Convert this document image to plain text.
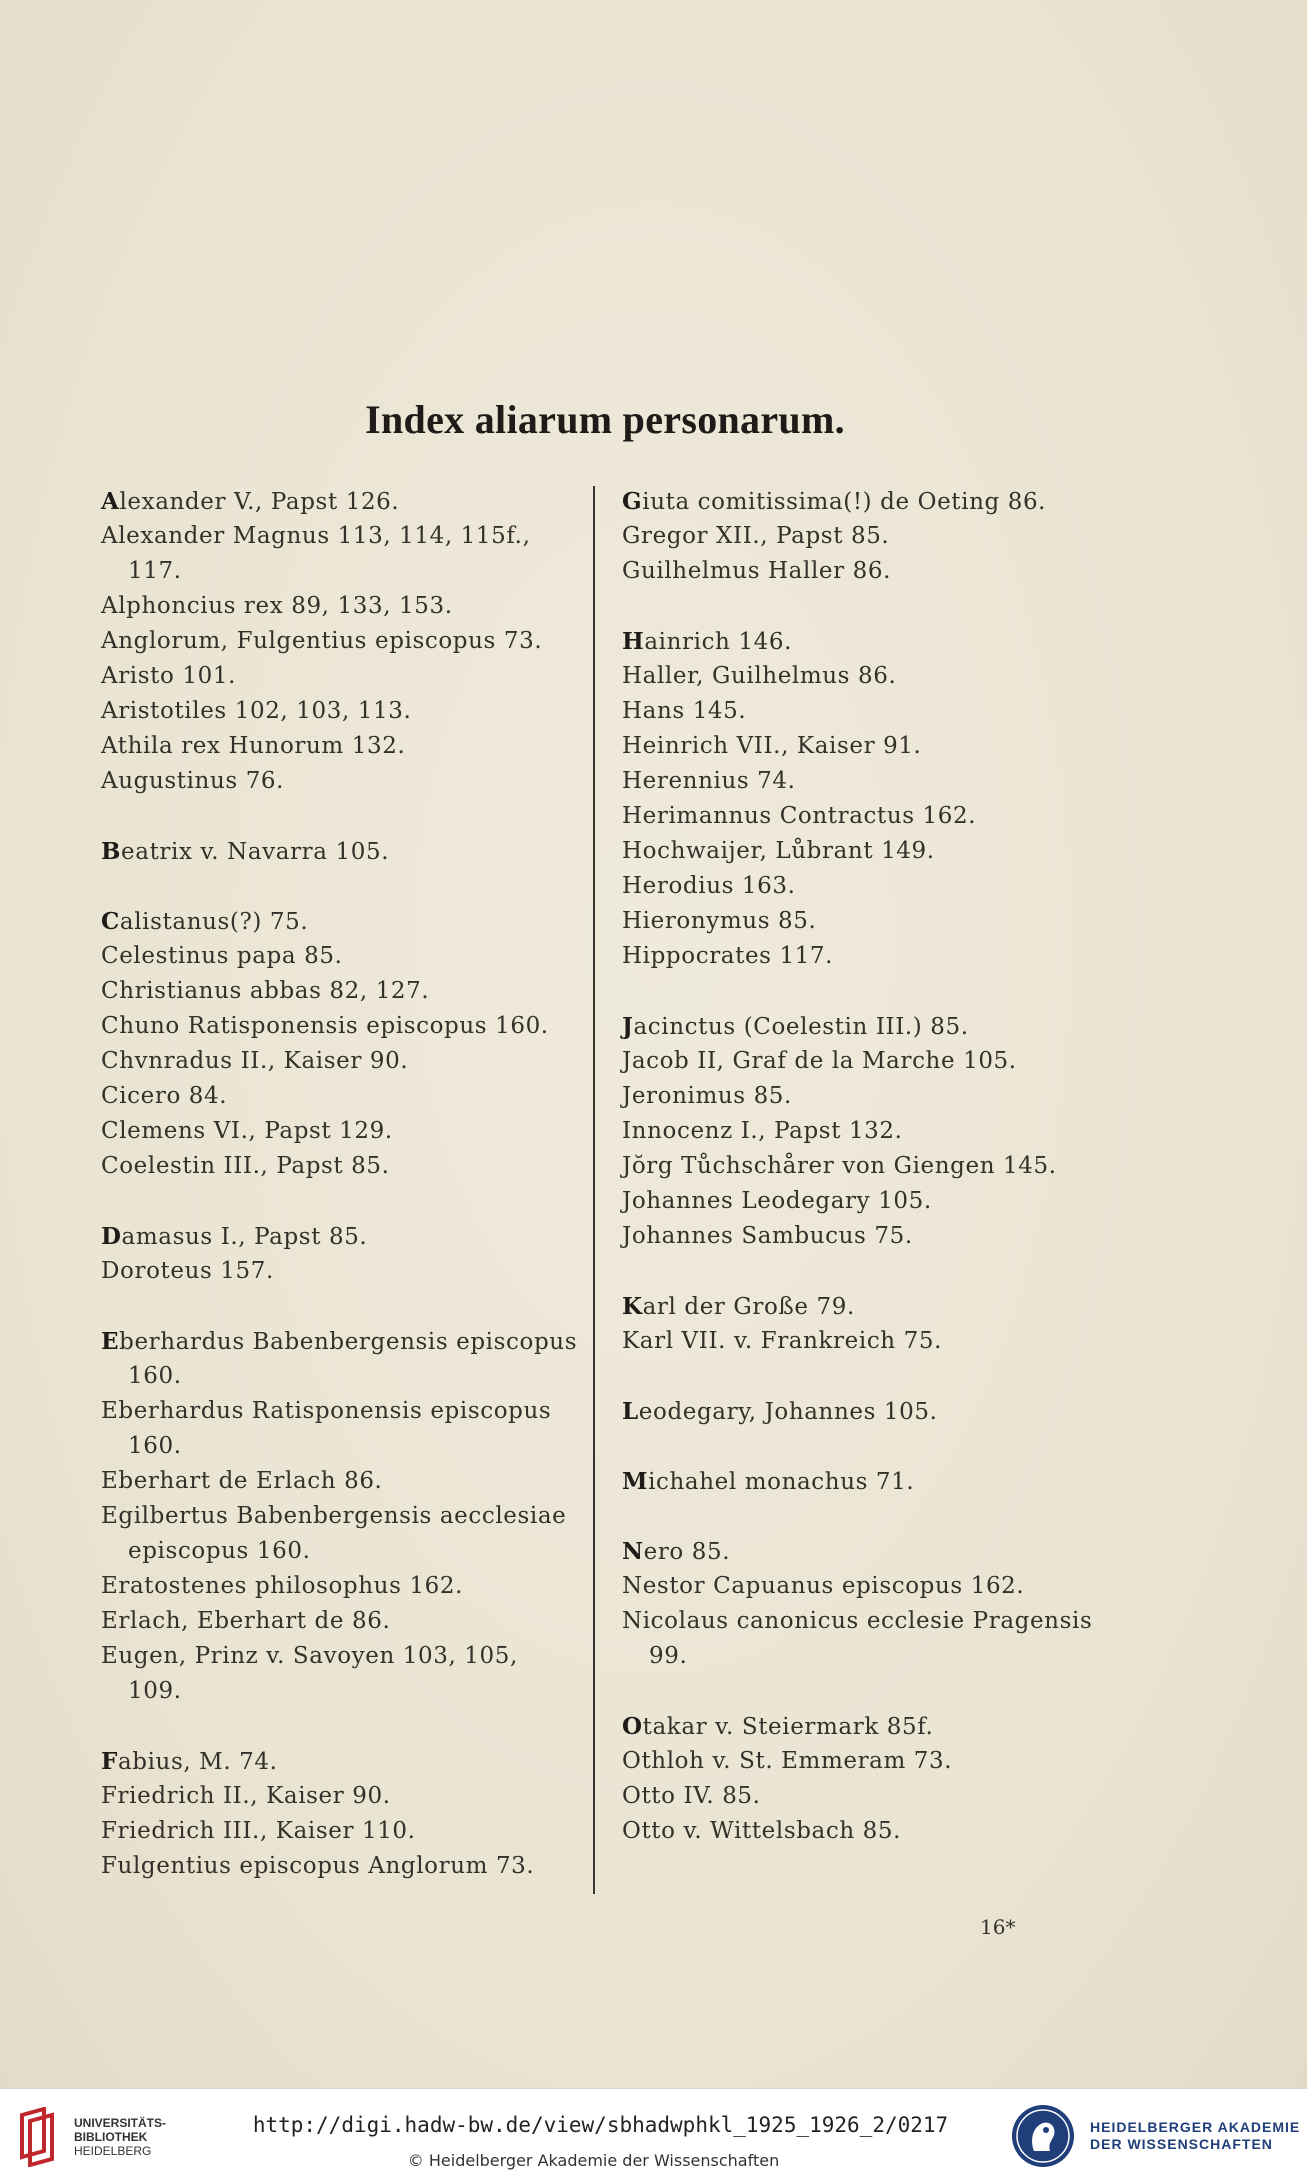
Index aliarum personarum.
Alexander V., Papst 126.
Alexander Magnus 113, 114, 115f.,
117.
Alphoncius rex 89, 133, 153.
Anglorum, Fulgentius episcopus 73.
Aristo 101.
Aristotiles 102, 103, 113.
Athila rex Hunorum 132.
Augustinus 76.
Beatrix v. Navarra 105.
Calistanus(?) 75.
Celestinus papa 85.
Christianus abbas 82, 127.
Chuno Ratisponensis episcopus 160.
Chvnradus II., Kaiser 90.
Cicero 84.
Clemens VI., Papst 129.
Coelestin III., Papst 85.
Damasus I., Papst 85.
Doroteus 157.
Eberhardus Babenbergensis episcopus
160.
Eberhardus Ratisponensis episcopus
160.
Eberhart de Erlach 86.
Egilbertus Babenbergensis aecclesiae
episcopus 160.
Eratostenes philosophus 162.
Erlach, Eberhart de 86.
Eugen, Prinz v. Savoyen 103, 105,
109.
Fabius, M. 74.
Friedrich II., Kaiser 90.
Friedrich III., Kaiser 110.
Fulgentius episcopus Anglorum 73.
Giuta comitissima(!) de Oeting 86.
Gregor XII., Papst 85.
Guilhelmus Haller 86.
Hainrich 146.
Haller, Guilhelmus 86.
Hans 145.
Heinrich VII., Kaiser 91.
Herennius 74.
Herimannus Contractus 162.
Hochwaijer, Lůbrant 149.
Herodius 163.
Hieronymus 85.
Hippocrates 117.
Jacinctus (Coelestin III.) 85.
Jacob II, Graf de la Marche 105.
Jeronimus 85.
Innocenz I., Papst 132.
Jŏrg Tůchschårer von Giengen 145.
Johannes Leodegary 105.
Johannes Sambucus 75.
Karl der Große 79.
Karl VII. v. Frankreich 75.
Leodegary, Johannes 105.
Michahel monachus 71.
Nero 85.
Nestor Capuanus episcopus 162.
Nicolaus canonicus ecclesie Pragensis
99.
Otakar v. Steiermark 85f.
Othloh v. St. Emmeram 73.
Otto IV. 85.
Otto v. Wittelsbach 85.
16*
UNIVERSITÄTS-
BIBLIOTHEK
HEIDELBERG
http://digi.hadw-bw.de/view/sbhadwphkl_1925_1926_2/0217
© Heidelberger Akademie der Wissenschaften
HEIDELBERGER AKADEMIE
DER WISSENSCHAFTEN
